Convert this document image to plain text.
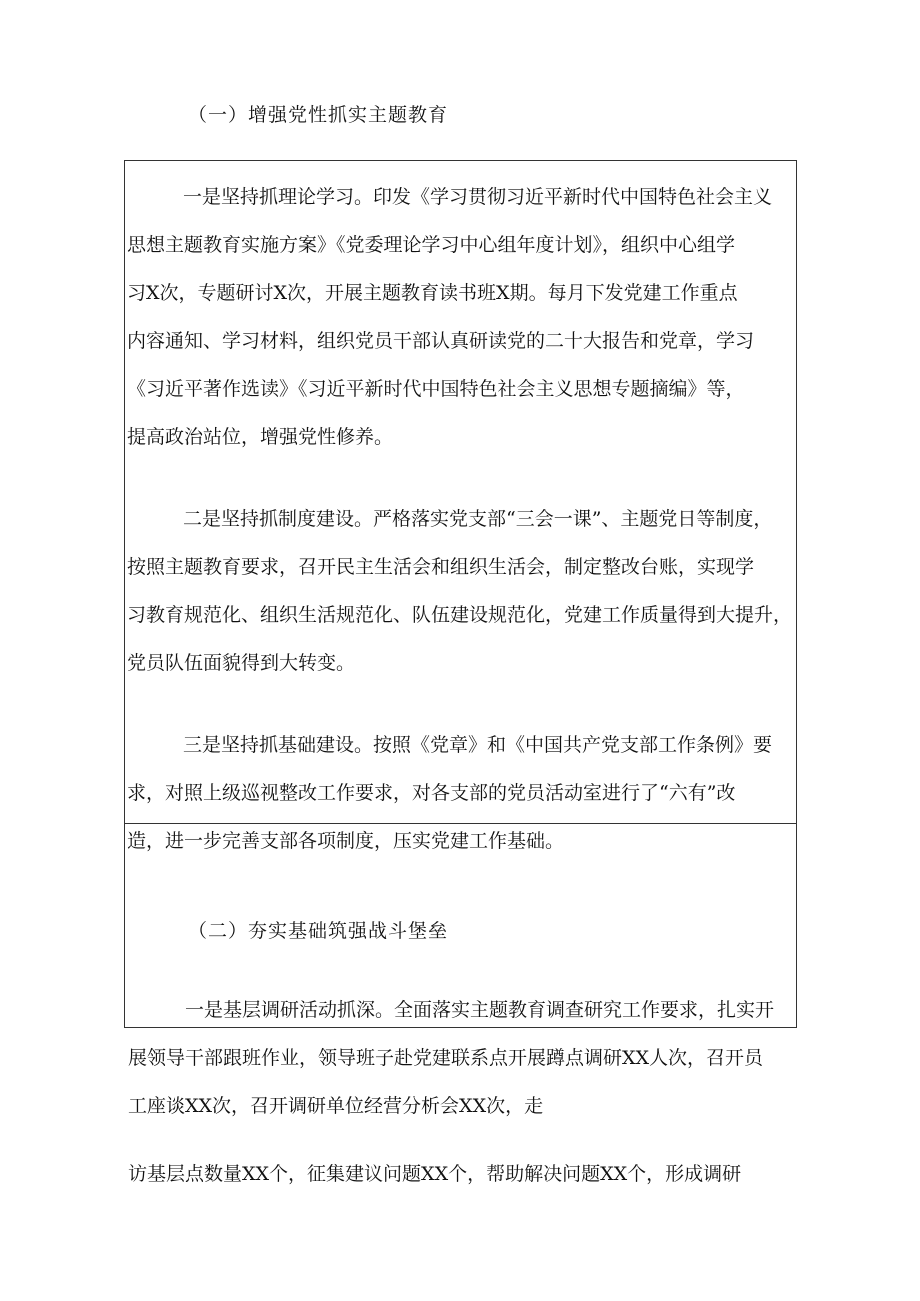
（一）增强党性抓实主题教育
一是坚持抓理论学习。印发《学习贯彻习近平新时代中国特色社会主义
思想主题教育实施方案》《党委理论学习中心组年度计划》，组织中心组学
习X次，专题研讨X次，开展主题教育读书班X期。每月下发党建工作重点
内容通知、学习材料，组织党员干部认真研读党的二十大报告和党章，学习
《习近平著作选读》《习近平新时代中国特色社会主义思想专题摘编》等，
提高政治站位，增强党性修养。
二是坚持抓制度建设。严格落实党支部“三会一课”、主题党日等制度，
按照主题教育要求，召开民主生活会和组织生活会，制定整改台账，实现学
习教育规范化、组织生活规范化、队伍建设规范化，党建工作质量得到大提升，
党员队伍面貌得到大转变。
三是坚持抓基础建设。按照《党章》和《中国共产党支部工作条例》要
求，对照上级巡视整改工作要求，对各支部的党员活动室进行了“六有”改
造，进一步完善支部各项制度，压实党建工作基础。
（二）夯实基础筑强战斗堡垒
一是基层调研活动抓深。全面落实主题教育调查研究工作要求，扎实开
展领导干部跟班作业，领导班子赴党建联系点开展蹲点调研XX人次，召开员
工座谈XX次，召开调研单位经营分析会XX次，走
访基层点数量XX个，征集建议问题XX个，帮助解决问题XX个，形成调研
